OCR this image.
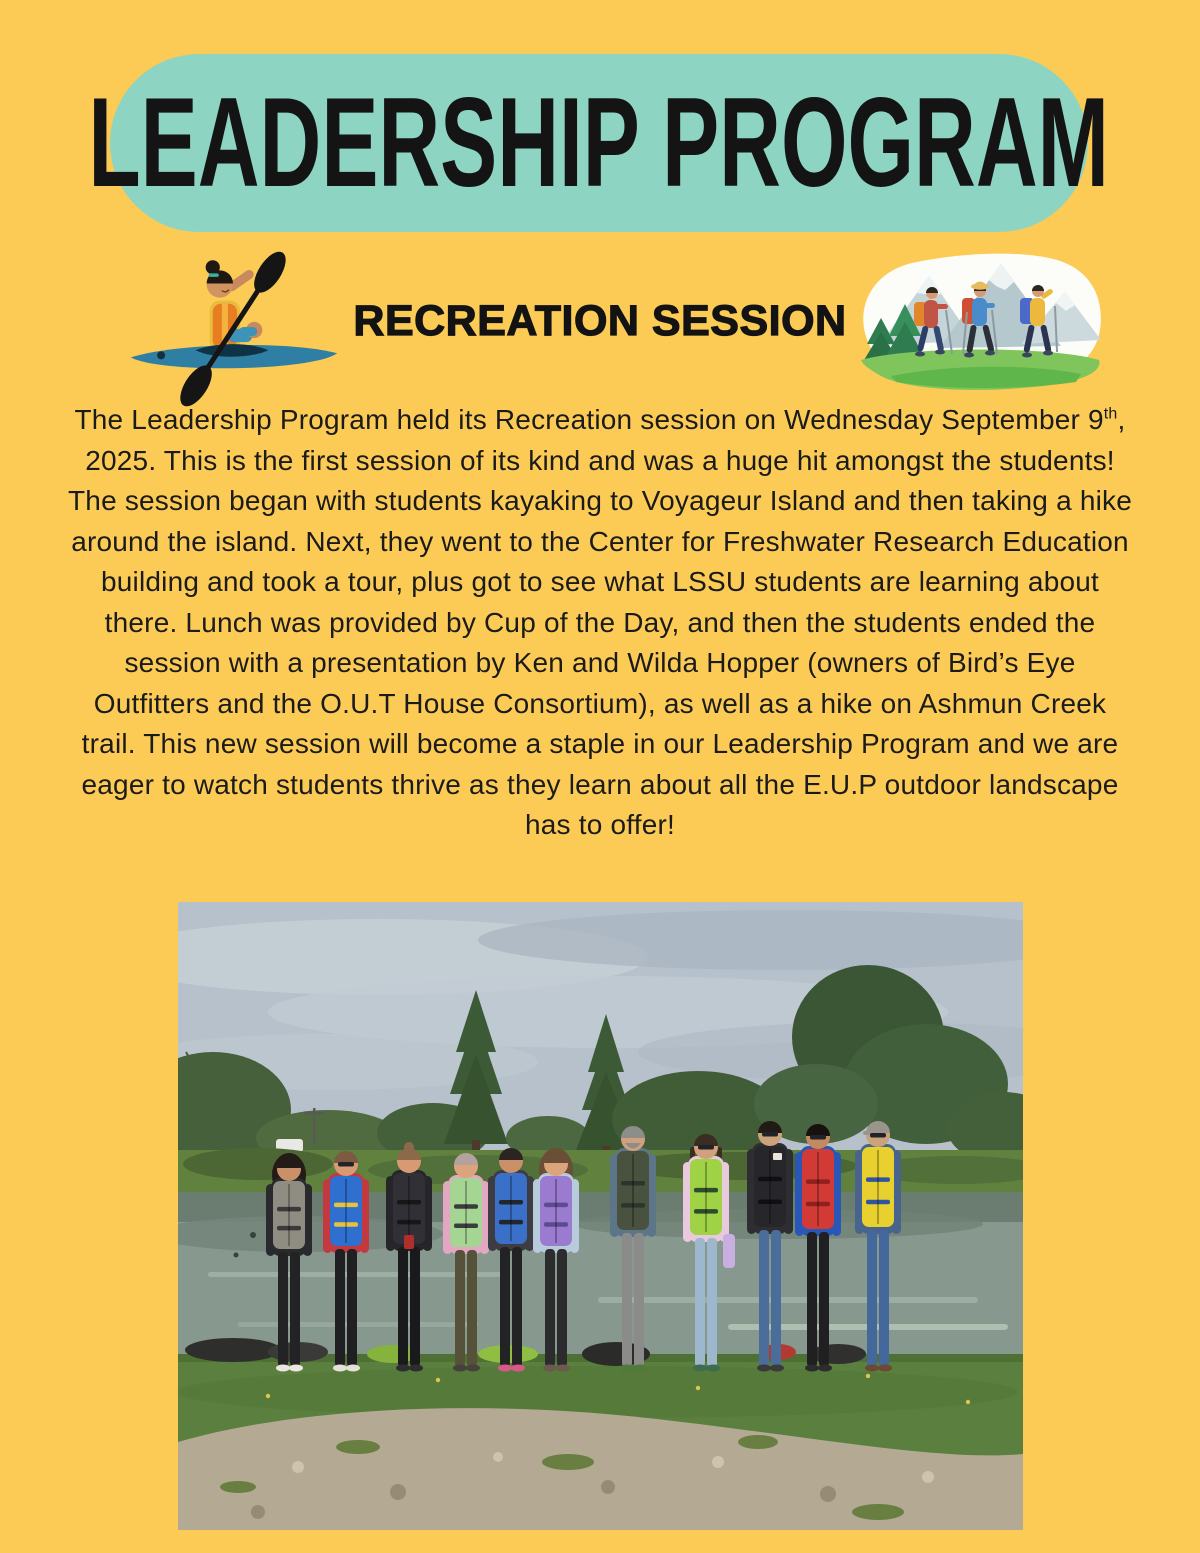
LEADERSHIP PROGRAM
RECREATION SESSION

The Leadership Program held its Recreation session on Wednesday September 9th, 2025. This is the first session of its kind and was a huge hit amongst the students! The session began with students kayaking to Voyageur Island and then taking a hike around the island. Next, they went to the Center for Freshwater Research Education building and took a tour, plus got to see what LSSU students are learning about there. Lunch was provided by Cup of the Day, and then the students ended the session with a presentation by Ken and Wilda Hopper (owners of Bird’s Eye Outfitters and the O.U.T House Consortium), as well as a hike on Ashmun Creek trail. This new session will become a staple in our Leadership Program and we are eager to watch students thrive as they learn about all the E.U.P outdoor landscape has to offer!
